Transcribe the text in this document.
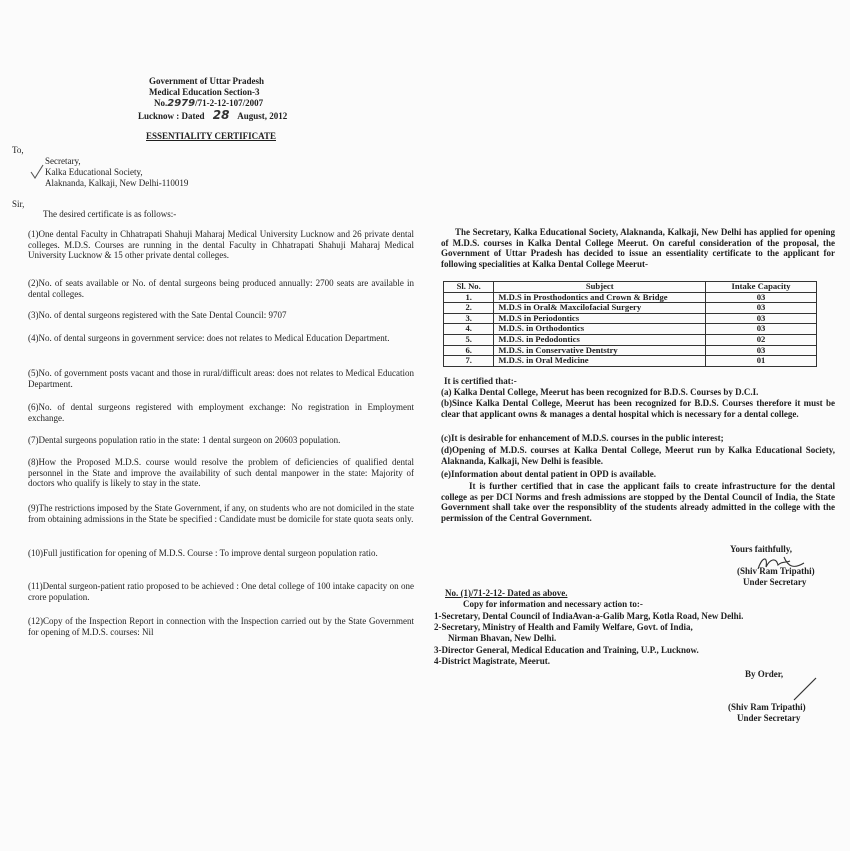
Government of Uttar Pradesh
Medical Education Section-3
No.2979/71-2-12-107/2007
Lucknow : Dated 28 August, 2012
ESSENTIALITY CERTIFICATE
To,
Secretary,
Kalka Educational Society,
Alaknanda, Kalkaji, New Delhi-110019
Sir,
The desired certificate is as follows:-
(1)One dental Faculty in Chhatrapati Shahuji Maharaj Medical University Lucknow and 26 private dental colleges. M.D.S. Courses are running in the dental Faculty in Chhatrapati Shahuji Maharaj Medical University Lucknow & 15 other private dental colleges.
(2)No. of seats available or No. of dental surgeons being produced annually: 2700 seats are available in dental colleges.
(3)No. of dental surgeons registered with the Sate Dental Council: 9707
(4)No. of dental surgeons in government service: does not relates to Medical Education Department.
(5)No. of government posts vacant and those in rural/difficult areas: does not relates to Medical Education Department.
(6)No. of dental surgeons registered with employment exchange: No registration in Employment exchange.
(7)Dental surgeons population ratio in the state: 1 dental surgeon on 20603 population.
(8)How the Proposed M.D.S. course would resolve the problem of deficiencies of qualified dental personnel in the State and improve the availability of such dental manpower in the state: Majority of doctors who qualify is likely to stay in the state.
(9)The restrictions imposed by the State Government, if any, on students who are not domiciled in the state from obtaining admissions in the State be specified : Candidate must be domicile for state quota seats only.
(10)Full justification for opening of M.D.S. Course : To improve dental surgeon population ratio.
(11)Dental surgeon-patient ratio proposed to be achieved : One detal college of 100 intake capacity on one crore population.
(12)Copy of the Inspection Report in connection with the Inspection carried out by the State Government for opening of M.D.S. courses: Nil
The Secretary, Kalka Educational Society, Alaknanda, Kalkaji, New Delhi has applied for opening of M.D.S. courses in Kalka Dental College Meerut. On careful consideration of the proposal, the Government of Uttar Pradesh has decided to issue an essentiality certificate to the applicant for following specialities at Kalka Dental College Meerut-
Sl. No.	Subject	Intake Capacity
1.	M.D.S in Prosthodontics and Crown & Bridge	03
2.	M.D.S in Oral& Maxcilofacial Surgery	03
3.	M.D.S in Periodontics	03
4.	M.D.S. in Orthodontics	03
5.	M.D.S. in Pedodontics	02
6.	M.D.S. in Conservative Dentstry	03
7.	M.D.S. in Oral Medicine	01
It is certified that:-
(a) Kalka Dental College, Meerut has been recognized for B.D.S. Courses by D.C.I.
(b)Since Kalka Dental College, Meerut has been recognized for B.D.S. Courses therefore it must be clear that applicant owns & manages a dental hospital which is necessary for a dental college.
(c)It is desirable for enhancement of M.D.S. courses in the public interest;
(d)Opening of M.D.S. courses at Kalka Dental College, Meerut run by Kalka Educational Society, Alaknanda, Kalkaji, New Delhi is feasible.
(e)Information about dental patient in OPD is available.
It is further certified that in case the applicant fails to create infrastructure for the dental college as per DCI Norms and fresh admissions are stopped by the Dental Council of India, the State Government shall take over the responsiblity of the students already admitted in the college with the permission of the Central Government.
Yours faithfully,
(Shiv Ram Tripathi)
Under Secretary
No. (1)/71-2-12- Dated as above.
Copy for information and necessary action to:-
1-Secretary, Dental Council of IndiaAvan-a-Galib Marg, Kotla Road, New Delhi.
2-Secretary, Ministry of Health and Family Welfare, Govt. of India,
Nirman Bhavan, New Delhi.
3-Director General, Medical Education and Training, U.P., Lucknow.
4-District Magistrate, Meerut.
By Order,
(Shiv Ram Tripathi)
Under Secretary
